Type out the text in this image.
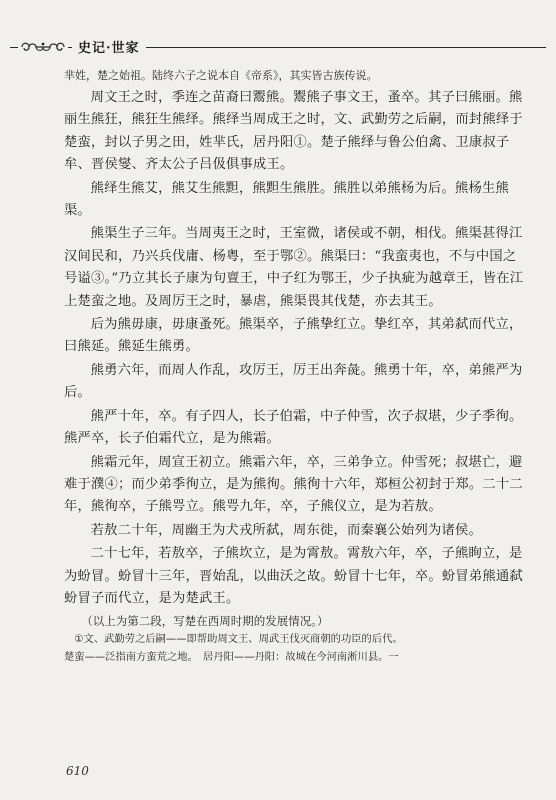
史记·世家

芈姓，楚之始祖。陆终六子之说本自《帝系》，其实皆古族传说。

周文王之时，季连之苗裔曰鬻熊。鬻熊子事文王，蚤卒。其子曰熊丽。熊丽生熊狂，熊狂生熊绎。熊绎当周成王之时，文、武勤劳之后嗣，而封熊绎于楚蛮，封以子男之田，姓芈氏，居丹阳①。楚子熊绎与鲁公伯禽、卫康叔子牟、晋侯燮、齐太公子吕伋俱事成王。

熊绎生熊艾，熊艾生熊䵣，熊䵣生熊胜。熊胜以弟熊杨为后。熊杨生熊渠。

熊渠生子三年。当周夷王之时，王室微，诸侯或不朝，相伐。熊渠甚得江汉间民和，乃兴兵伐庸、杨粤，至于鄂②。熊渠曰：“我蛮夷也，不与中国之号谥③。”乃立其长子康为句亶王，中子红为鄂王，少子执疵为越章王，皆在江上楚蛮之地。及周厉王之时，暴虐，熊渠畏其伐楚，亦去其王。

后为熊毋康，毋康蚤死。熊渠卒，子熊挚红立。挚红卒，其弟弑而代立，曰熊延。熊延生熊勇。

熊勇六年，而周人作乱，攻厉王，厉王出奔彘。熊勇十年，卒，弟熊严为后。

熊严十年，卒。有子四人，长子伯霜，中子仲雪，次子叔堪，少子季徇。熊严卒，长子伯霜代立，是为熊霜。

熊霜元年，周宣王初立。熊霜六年，卒，三弟争立。仲雪死；叔堪亡，避难于濮④；而少弟季徇立，是为熊徇。熊徇十六年，郑桓公初封于郑。二十二年，熊徇卒，子熊咢立。熊咢九年，卒，子熊仪立，是为若敖。

若敖二十年，周幽王为犬戎所弑，周东徙，而秦襄公始列为诸侯。

二十七年，若敖卒，子熊坎立，是为霄敖。霄敖六年，卒，子熊眴立，是为蚡冒。蚡冒十三年，晋始乱，以曲沃之故。蚡冒十七年，卒。蚡冒弟熊通弑蚡冒子而代立，是为楚武王。

（以上为第二段，写楚在西周时期的发展情况。）

①文、武勤劳之后嗣——即帮助周文王、周武王伐灭商朝的功臣的后代。

楚蛮——泛指南方蛮荒之地。　居丹阳——丹阳：故城在今河南淅川县。一

610
